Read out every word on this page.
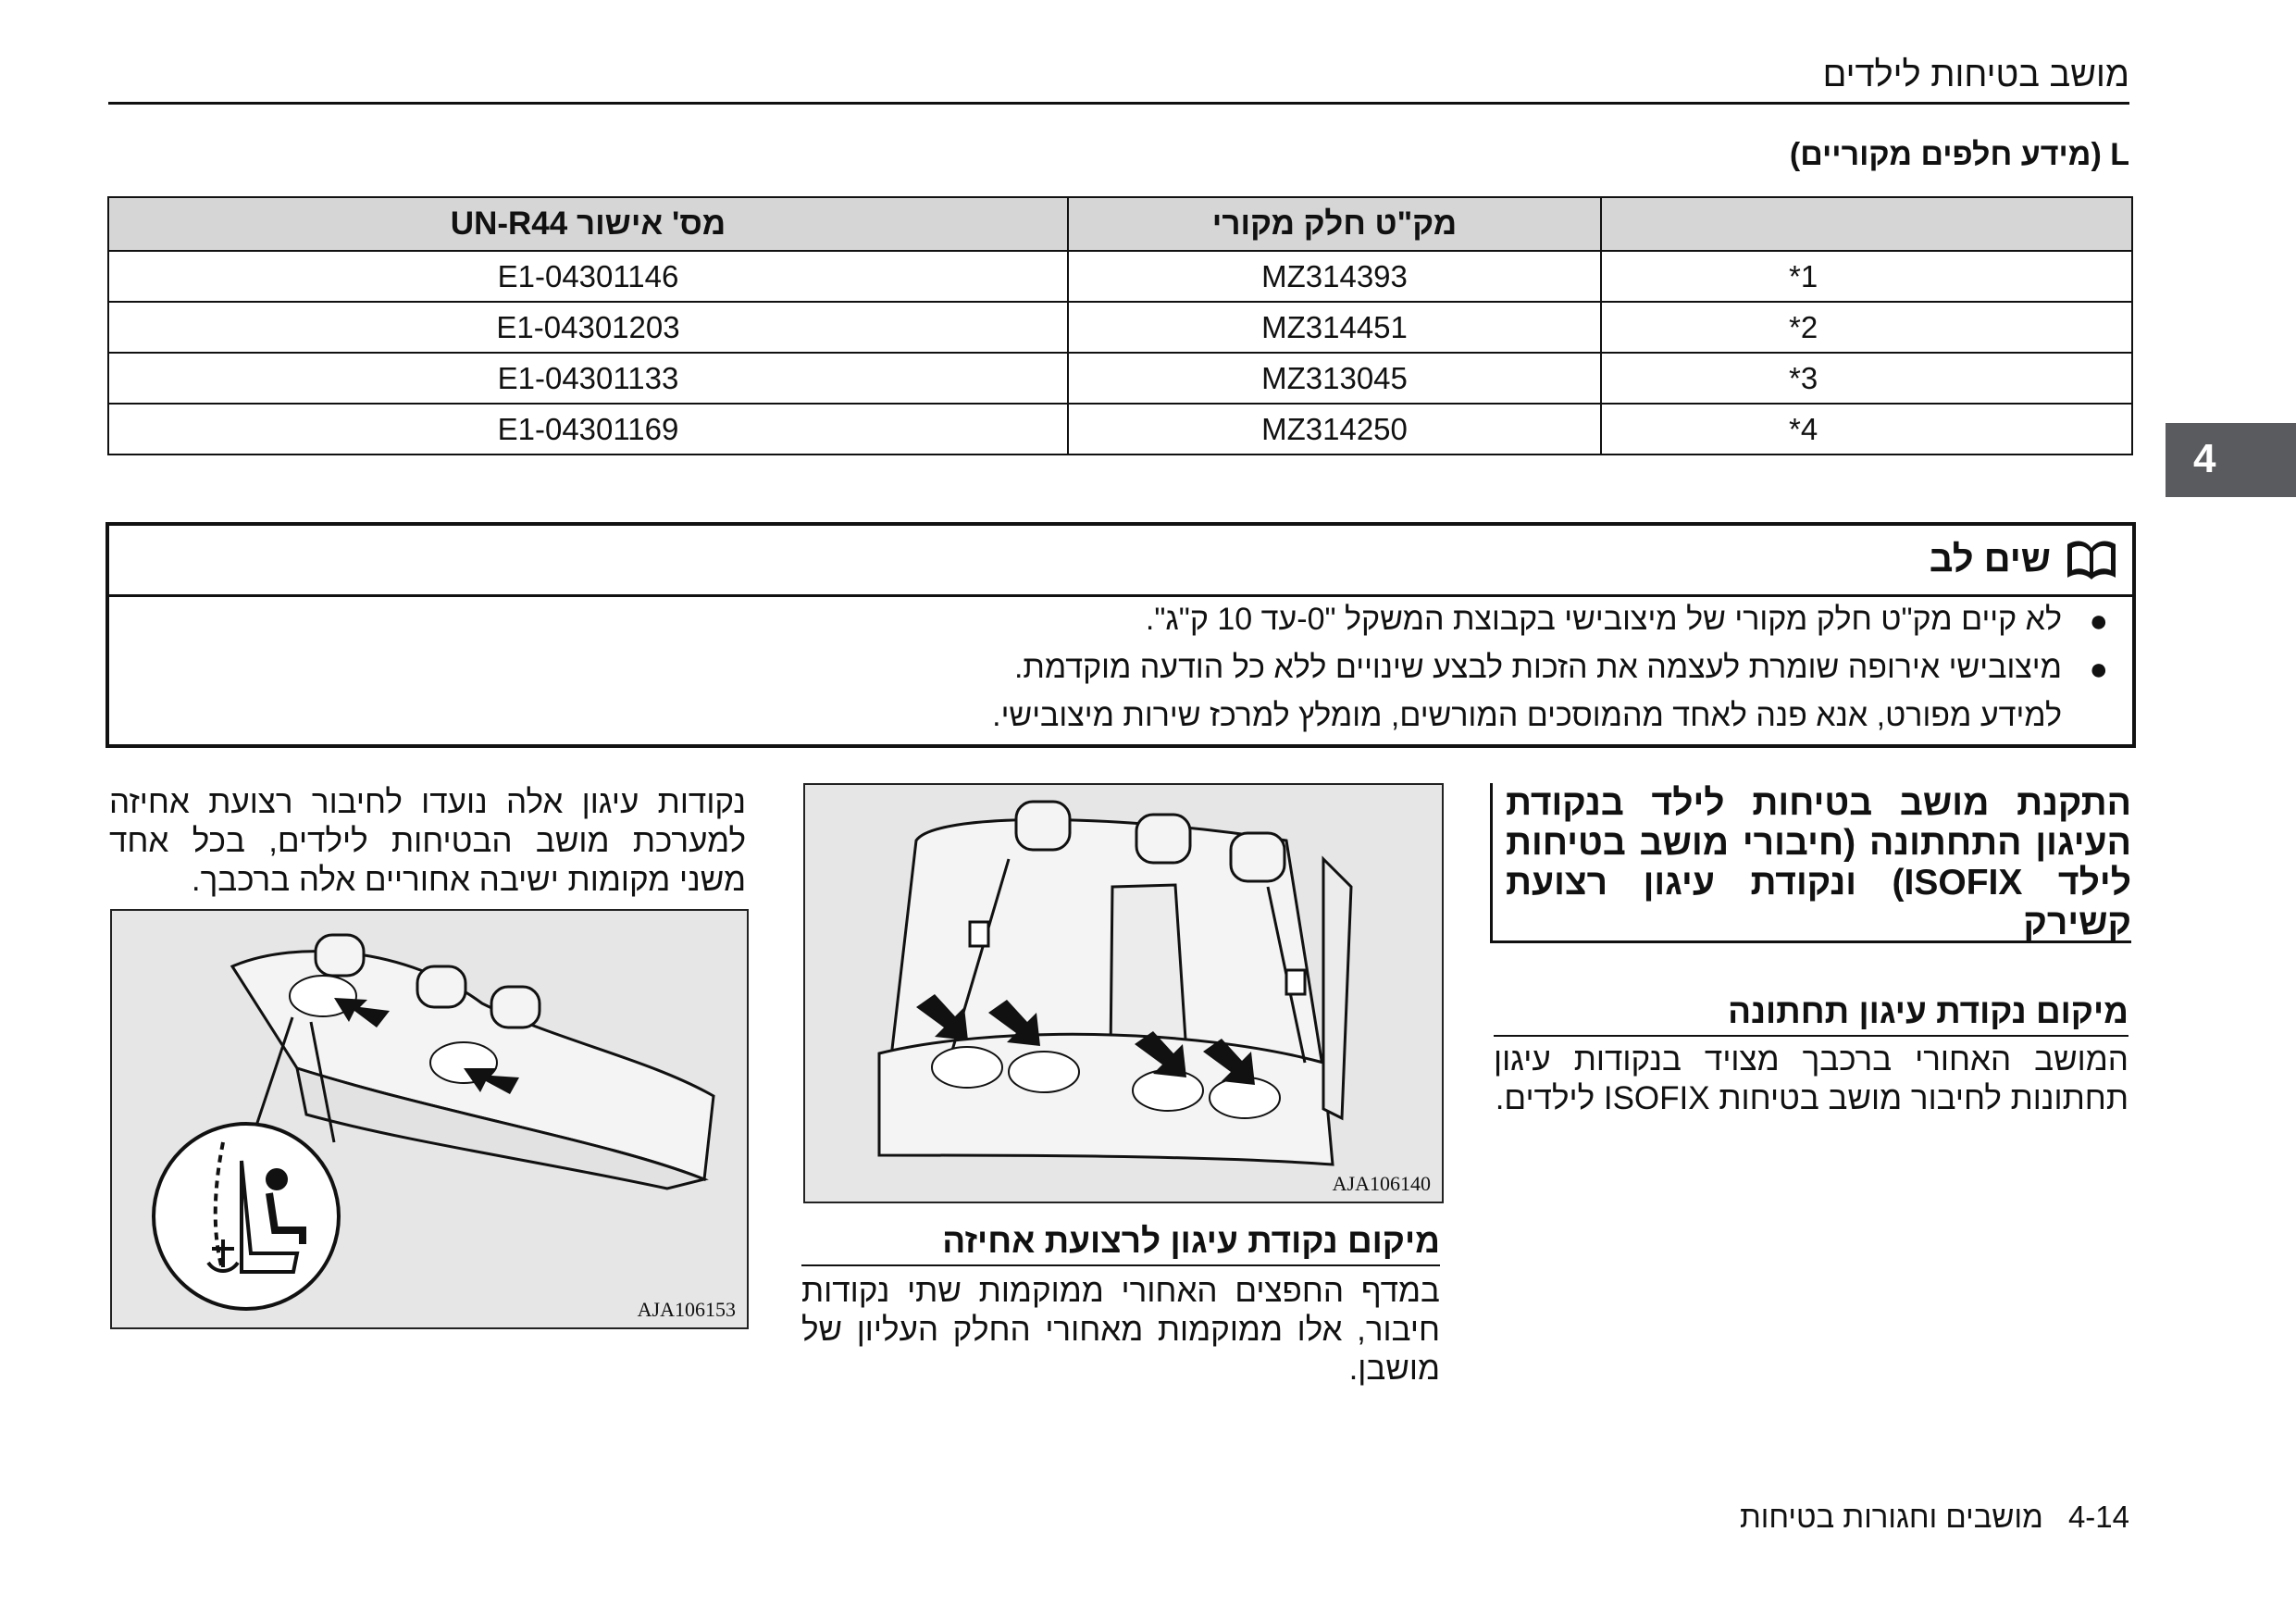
מושב בטיחות לילדים
L (מידע חלפים מקוריים)
	מק"ט חלק מקורי	מס' אישור UN-R44
1*	MZ314393	E1-04301146
2*	MZ314451	E1-04301203
3*	MZ313045	E1-04301133
4*	MZ314250	E1-04301169
4
שים לב
●
לא קיים מק"ט חלק מקורי של מיצובישי בקבוצת המשקל "0-עד 10 ק"ג".
●
מיצובישי אירופה שומרת לעצמה את הזכות לבצע שינויים ללא כל הודעה מוקדמת.
למידע מפורט, אנא פנה לאחד מהמוסכים המורשים, מומלץ למרכז שירות מיצובישי.
התקנת מושב בטיחות לילד בנקודת העיגון התחתונה (חיבורי מושב בטיחות לילד ISOFIX) ונקודת עיגון רצועת קשירק
מיקום נקודת עיגון תחתונה
המושב האחורי ברכבך מצויד בנקודות עיגון תחתונות לחיבור מושב בטיחות ISOFIX לילדים.
AJA106140
מיקום נקודת עיגון לרצועת אחיזה
במדף החפצים האחורי ממוקמות שתי נקודות חיבור, אלו ממוקמות מאחורי החלק העליון של מושבן.
נקודות עיגון אלה נועדו לחיבור רצועת אחיזה למערכת מושב הבטיחות לילדים, בכל אחד משני מקומות ישיבה אחוריים אלה ברכבך.
AJA106153
4-14 מושבים וחגורות בטיחות
